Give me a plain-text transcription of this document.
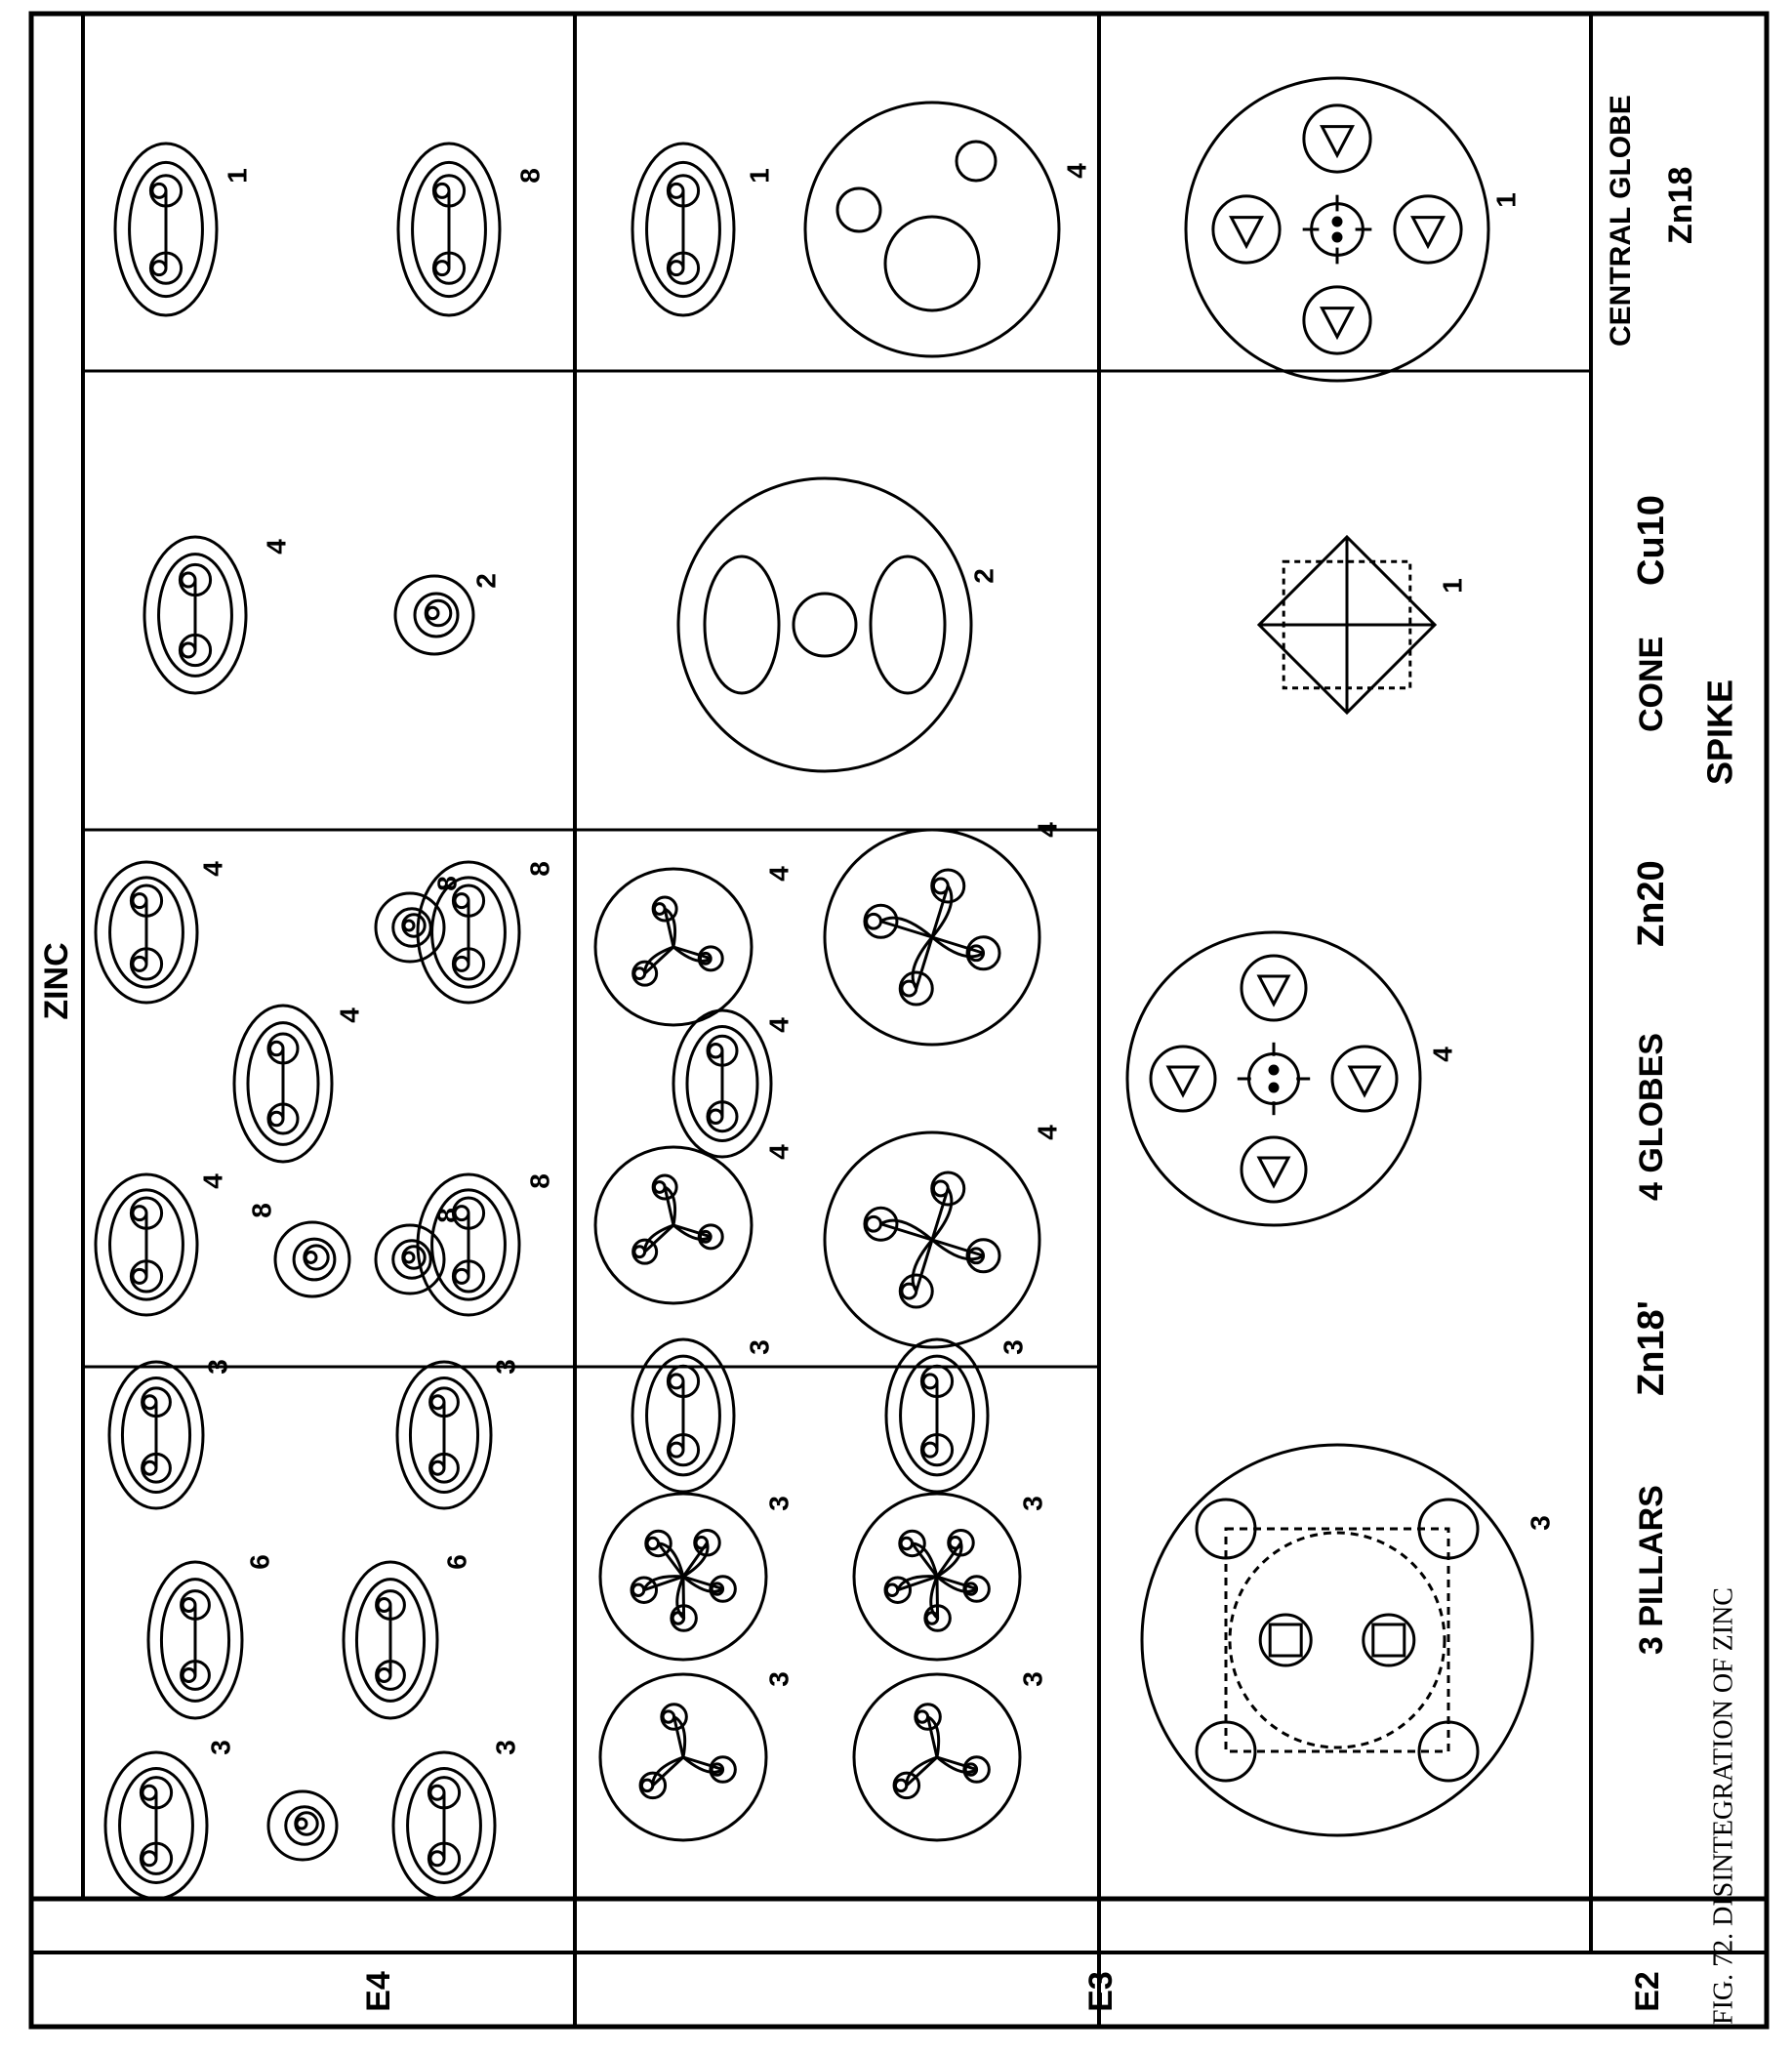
ZINC
FIG. 72. DISINTEGRATION OF ZINC
SPIKE
3 PILLARS
Zn18'
4 GLOBES
Zn20
CONE
Cu10
CENTRAL GLOBE Zn18
E2
E3
E4
3
6
3
3
6
3
3
3
3
3
3
3
3
4
8
4
4
8
8
8
8
4
4
4
4
4
4
4
2	2
1
1	8	1	4
1
